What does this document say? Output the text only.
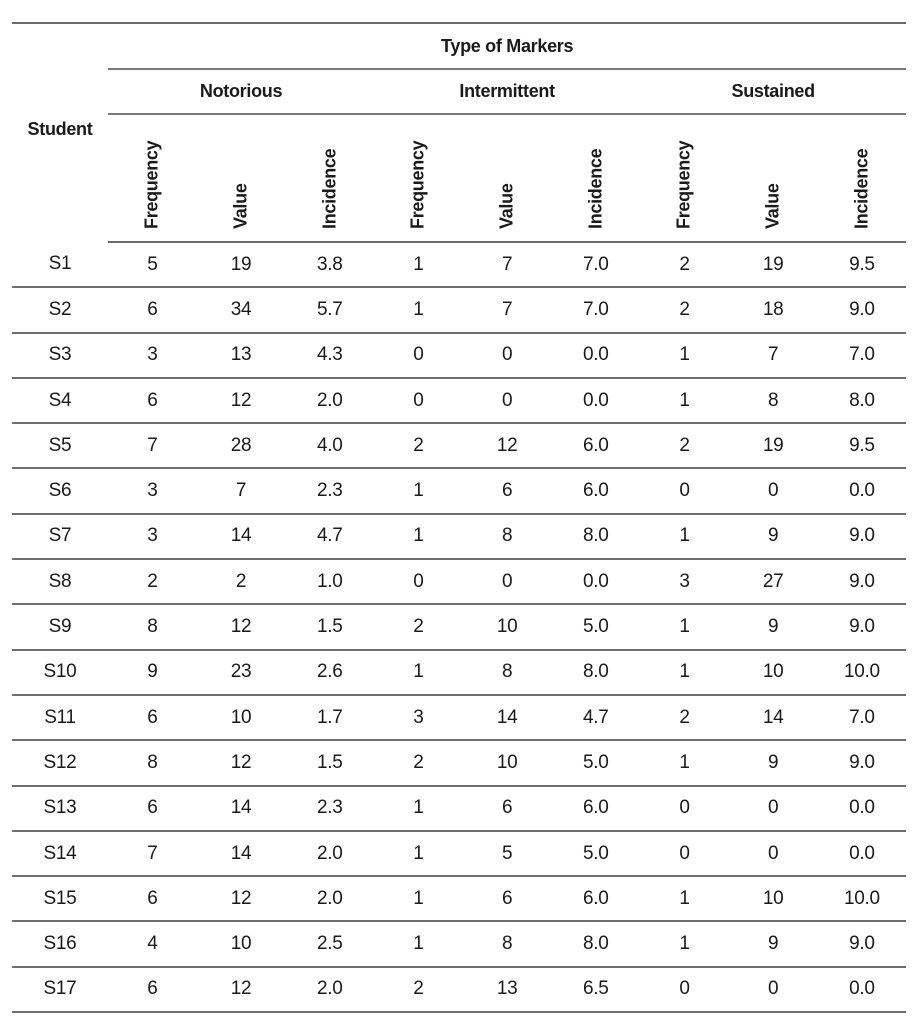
Student	Type of Markers								
	Notorious			Intermittent			Sustained		

	Frequency	Value	Incidence	Frequency	Value	Incidence	Frequency	Value	Incidence

S1	5	19	3.8	1	7	7.0	2	19	9.5
S2	6	34	5.7	1	7	7.0	2	18	9.0
S3	3	13	4.3	0	0	0.0	1	7	7.0
S4	6	12	2.0	0	0	0.0	1	8	8.0
S5	7	28	4.0	2	12	6.0	2	19	9.5
S6	3	7	2.3	1	6	6.0	0	0	0.0
S7	3	14	4.7	1	8	8.0	1	9	9.0
S8	2	2	1.0	0	0	0.0	3	27	9.0
S9	8	12	1.5	2	10	5.0	1	9	9.0
S10	9	23	2.6	1	8	8.0	1	10	10.0
S11	6	10	1.7	3	14	4.7	2	14	7.0
S12	8	12	1.5	2	10	5.0	1	9	9.0
S13	6	14	2.3	1	6	6.0	0	0	0.0
S14	7	14	2.0	1	5	5.0	0	0	0.0
S15	6	12	2.0	1	6	6.0	1	10	10.0
S16	4	10	2.5	1	8	8.0	1	9	9.0
S17	6	12	2.0	2	13	6.5	0	0	0.0
